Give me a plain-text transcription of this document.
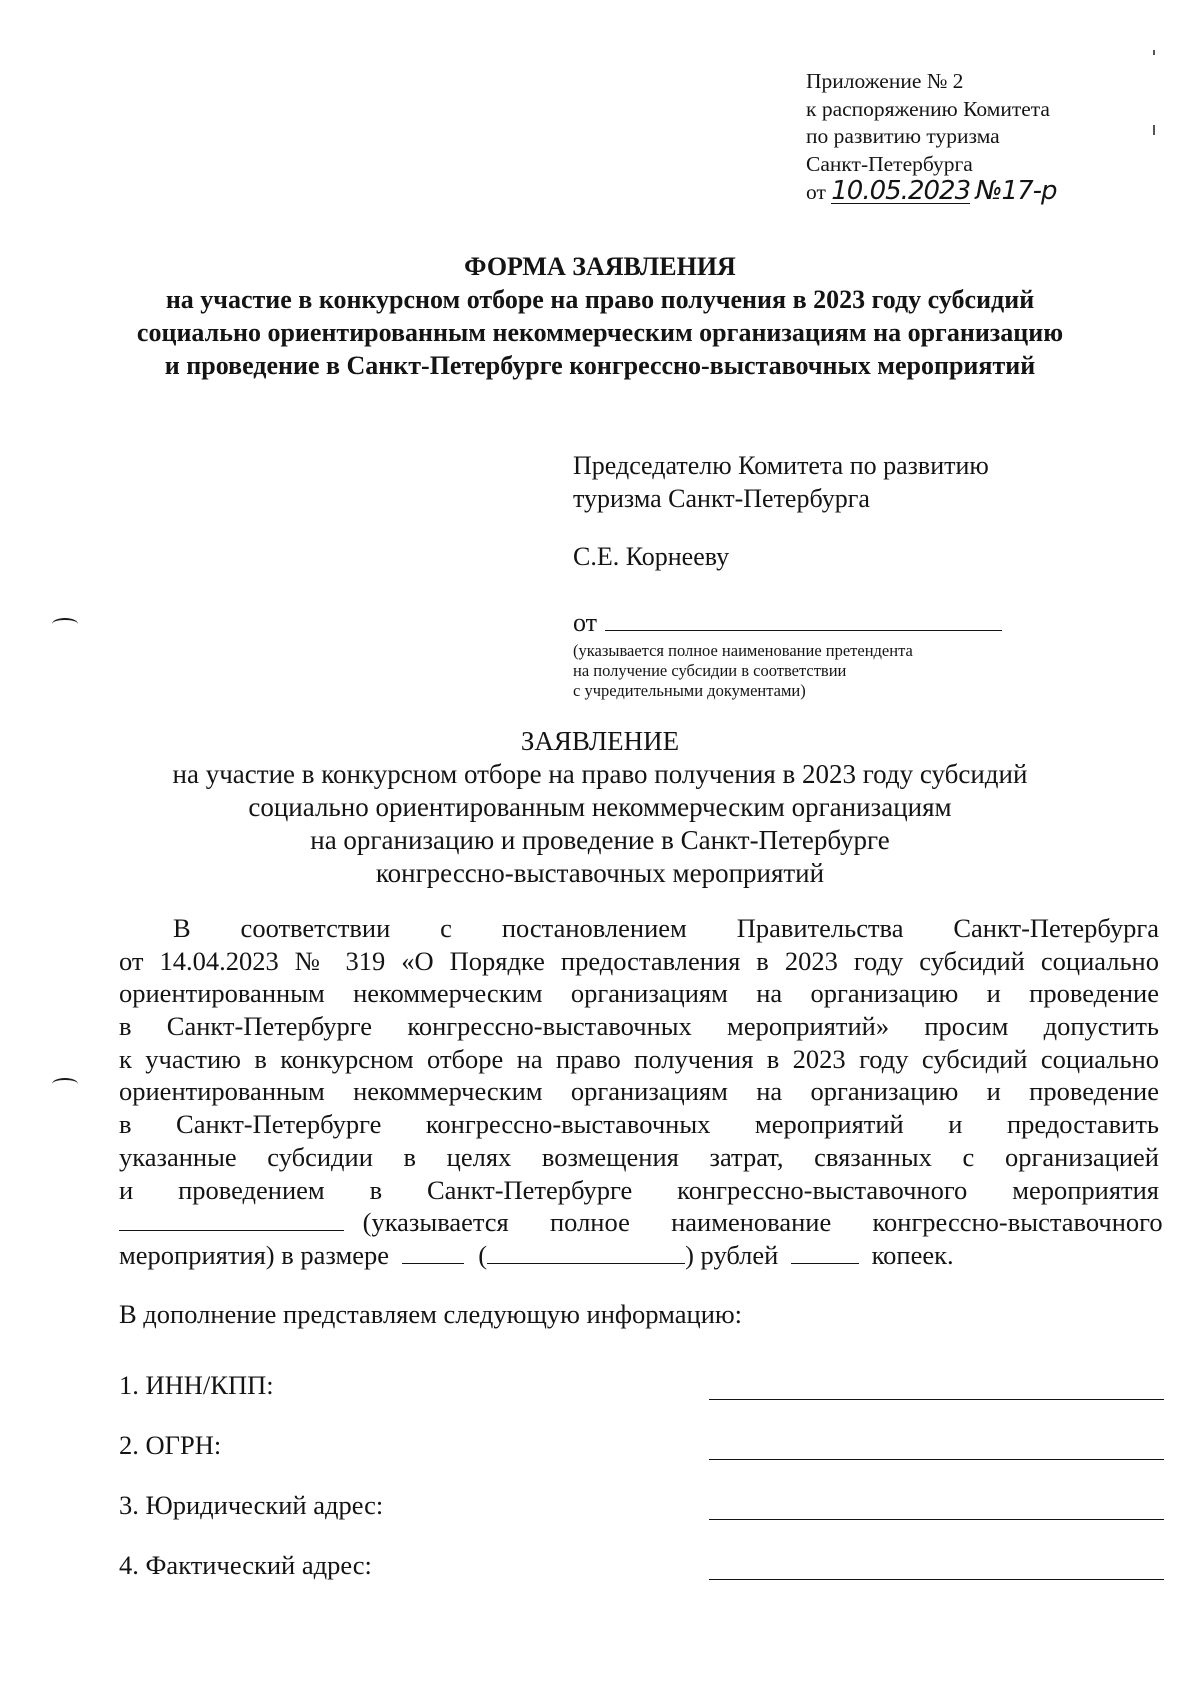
Приложение № 2
к распоряжению Комитета
по развитию туризма
Санкт-Петербурга
от 10.05.2023 №17-р
ФОРМА ЗАЯВЛЕНИЯ
на участие в конкурсном отборе на право получения в 2023 году субсидий
социально ориентированным некоммерческим организациям на организацию
и проведение в Санкт-Петербурге конгрессно-выставочных мероприятий
Председателю Комитета по развитию
туризма Санкт-Петербурга
С.Е. Корнееву
от
(указывается полное наименование претендента
на получение субсидии в соответствии
с учредительными документами)
ЗАЯВЛЕНИЕ
на участие в конкурсном отборе на право получения в 2023 году субсидий
социально ориентированным некоммерческим организациям
на организацию и проведение в Санкт-Петербурге
конгрессно-выставочных мероприятий
В соответствии с постановлением Правительства Санкт-Петербурга
от 14.04.2023 № 319 «О Порядке предоставления в 2023 году субсидий социально
ориентированным некоммерческим организациям на организацию и проведение
в Санкт-Петербурге конгрессно-выставочных мероприятий» просим допустить
к участию в конкурсном отборе на право получения в 2023 году субсидий социально
ориентированным некоммерческим организациям на организацию и проведение
в Санкт-Петербурге конгрессно-выставочных мероприятий и предоставить
указанные субсидии в целях возмещения затрат, связанных с организацией
и проведением в Санкт-Петербурге конгрессно-выставочного мероприятия
(указывается полное наименование конгрессно-выставочного
мероприятия) в размере	(	) рублей	копеек.
В дополнение представляем следующую информацию:
1. ИНН/КПП:
2. ОГРН:
3. Юридический адрес:
4. Фактический адрес:
